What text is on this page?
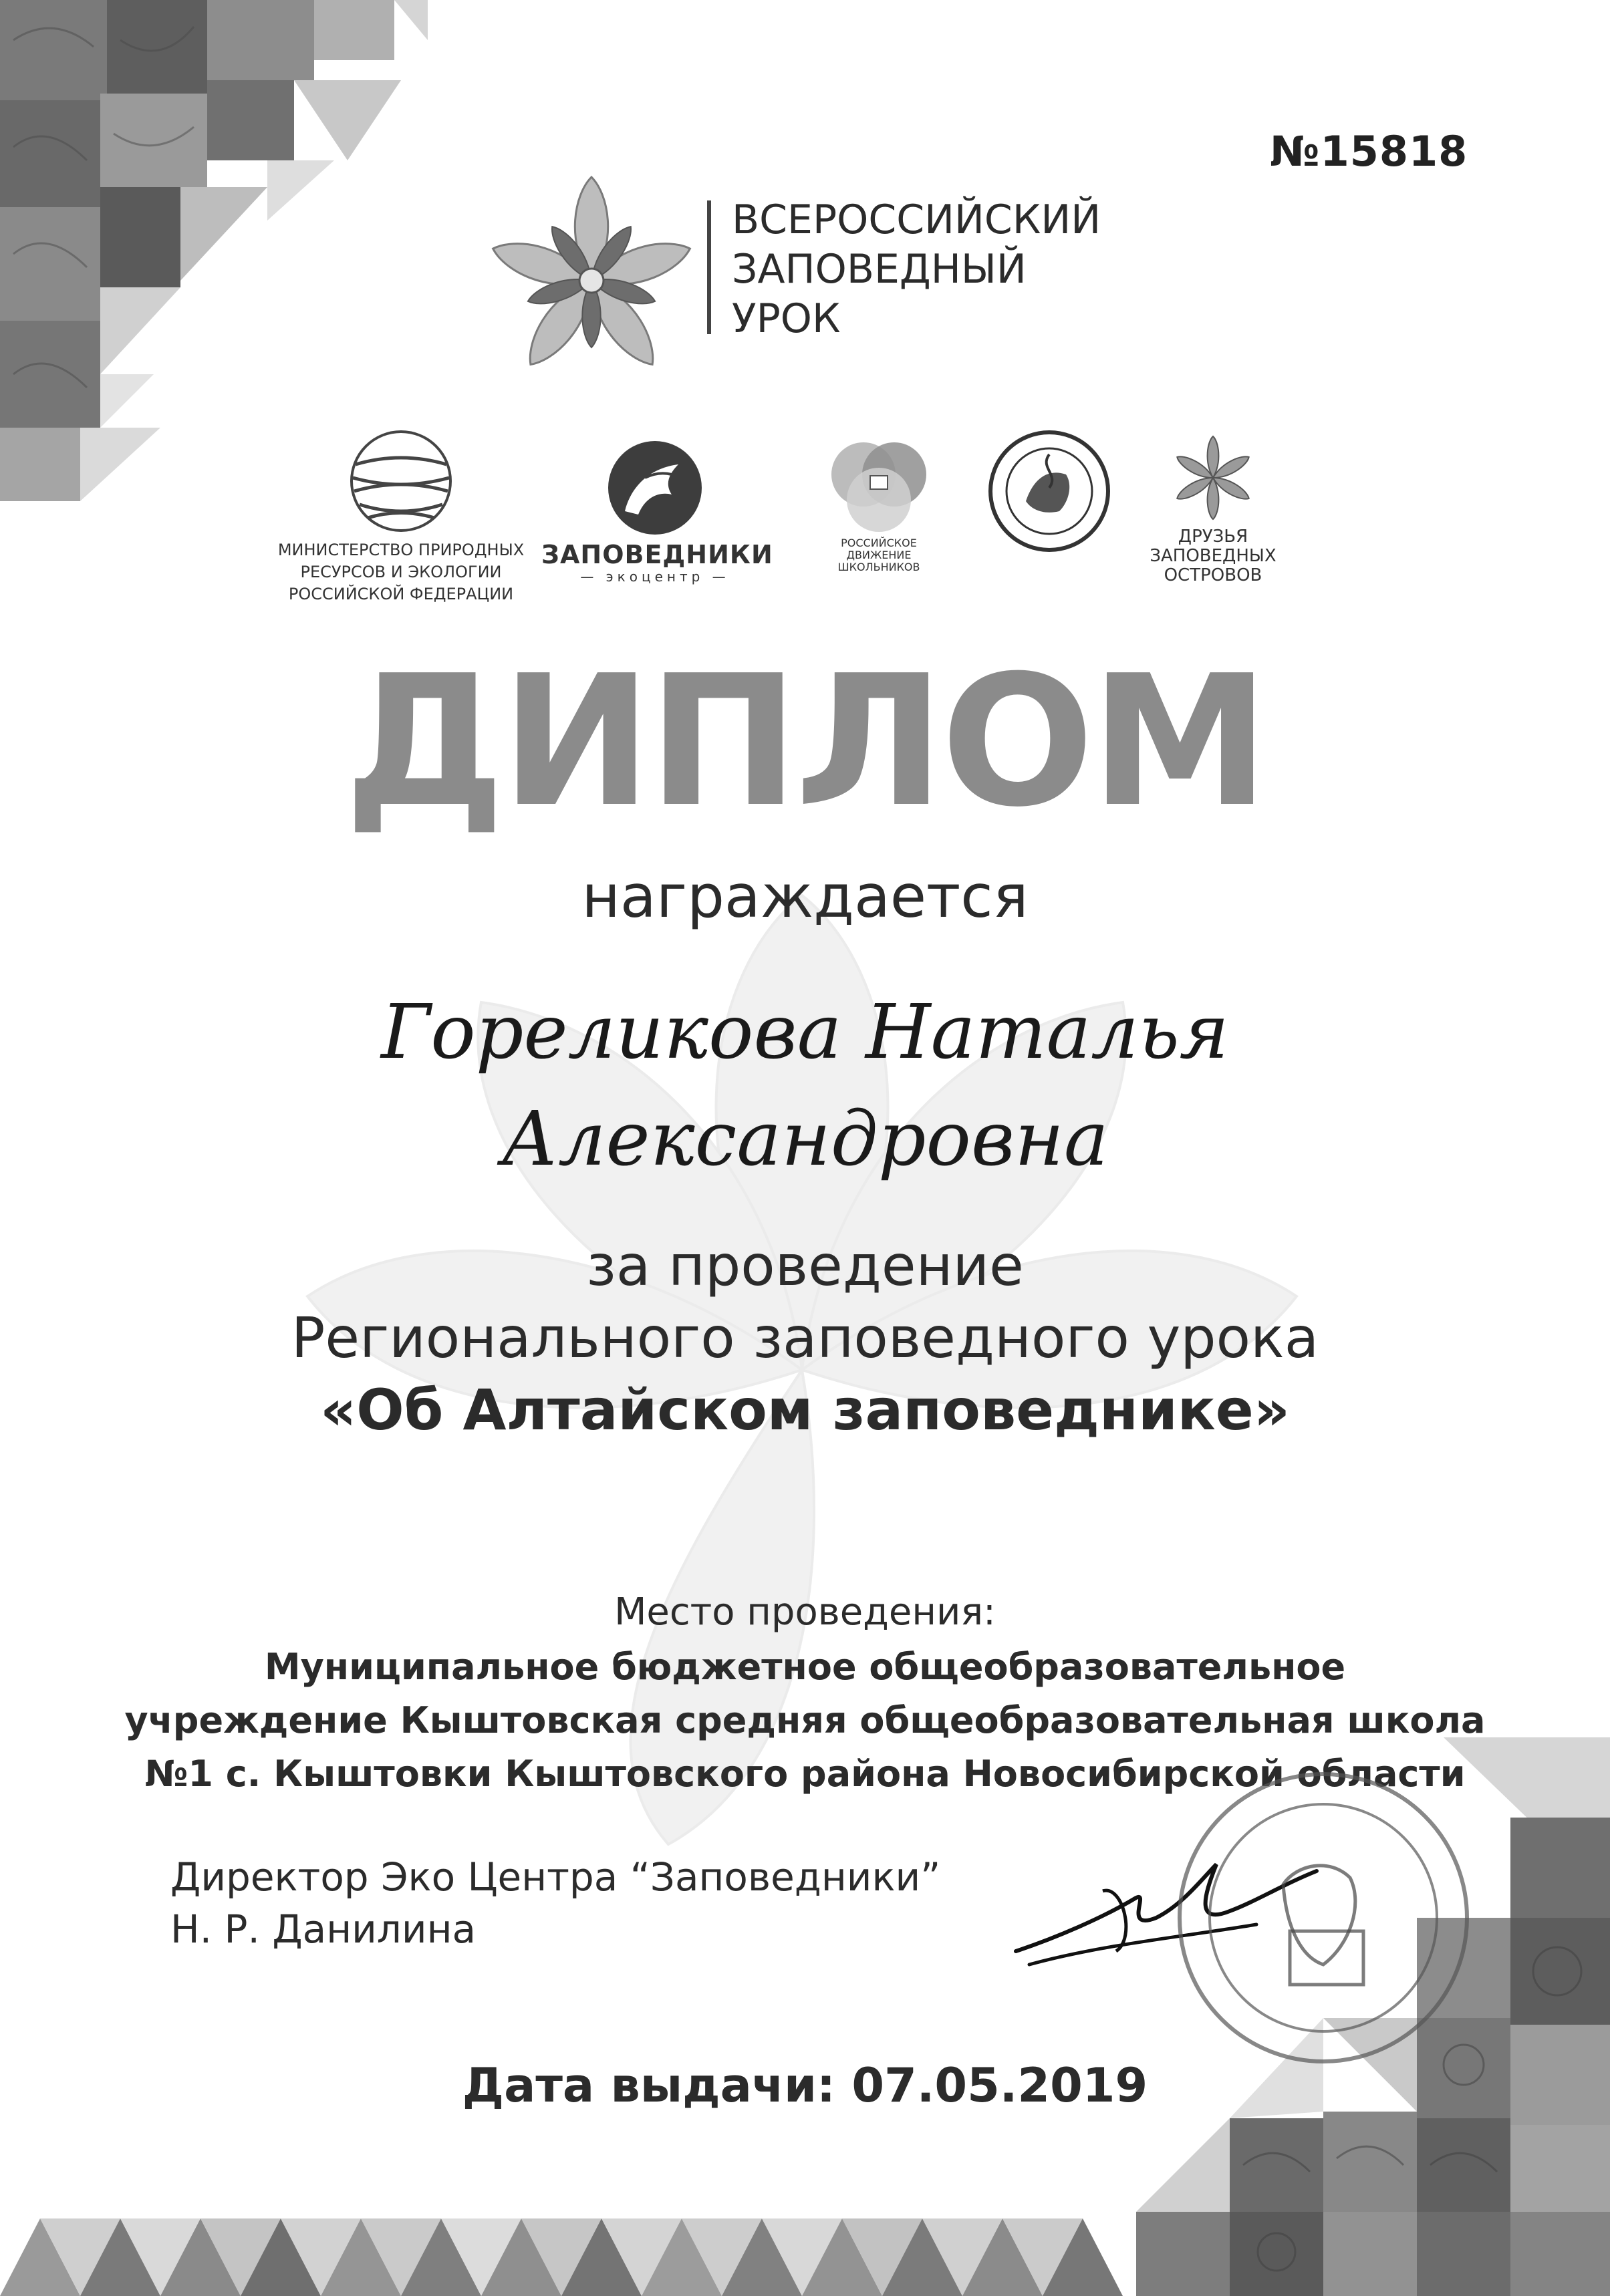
№15818
ВСЕРОССИЙСКИЙ
ЗАПОВЕДНЫЙ
УРОК
МИНИСТЕРСТВО ПРИРОДНЫХ
РЕСУРСОВ И ЭКОЛОГИИ
РОССИЙСКОЙ ФЕДЕРАЦИИ
ЗАПОВЕДНИКИ
— экоцентр —
РОССИЙСКОЕ
ДВИЖЕНИЕ ШКОЛЬНИКОВ
ДРУЗЬЯ
ЗАПОВЕДНЫХ
ОСТРОВОВ
ДИПЛОМ
награждается
Гореликова Наталья
Александровна
за проведение
Регионального заповедного урока
«Об Алтайском заповеднике»
Место проведения:
Муниципальное бюджетное общеобразовательное
учреждение Кыштовская средняя общеобразовательная школа
№1 с. Кыштовки Кыштовского района Новосибирской области
Директор Эко Центра “Заповедники”
Н. Р. Данилина
Дата выдачи: 07.05.2019
